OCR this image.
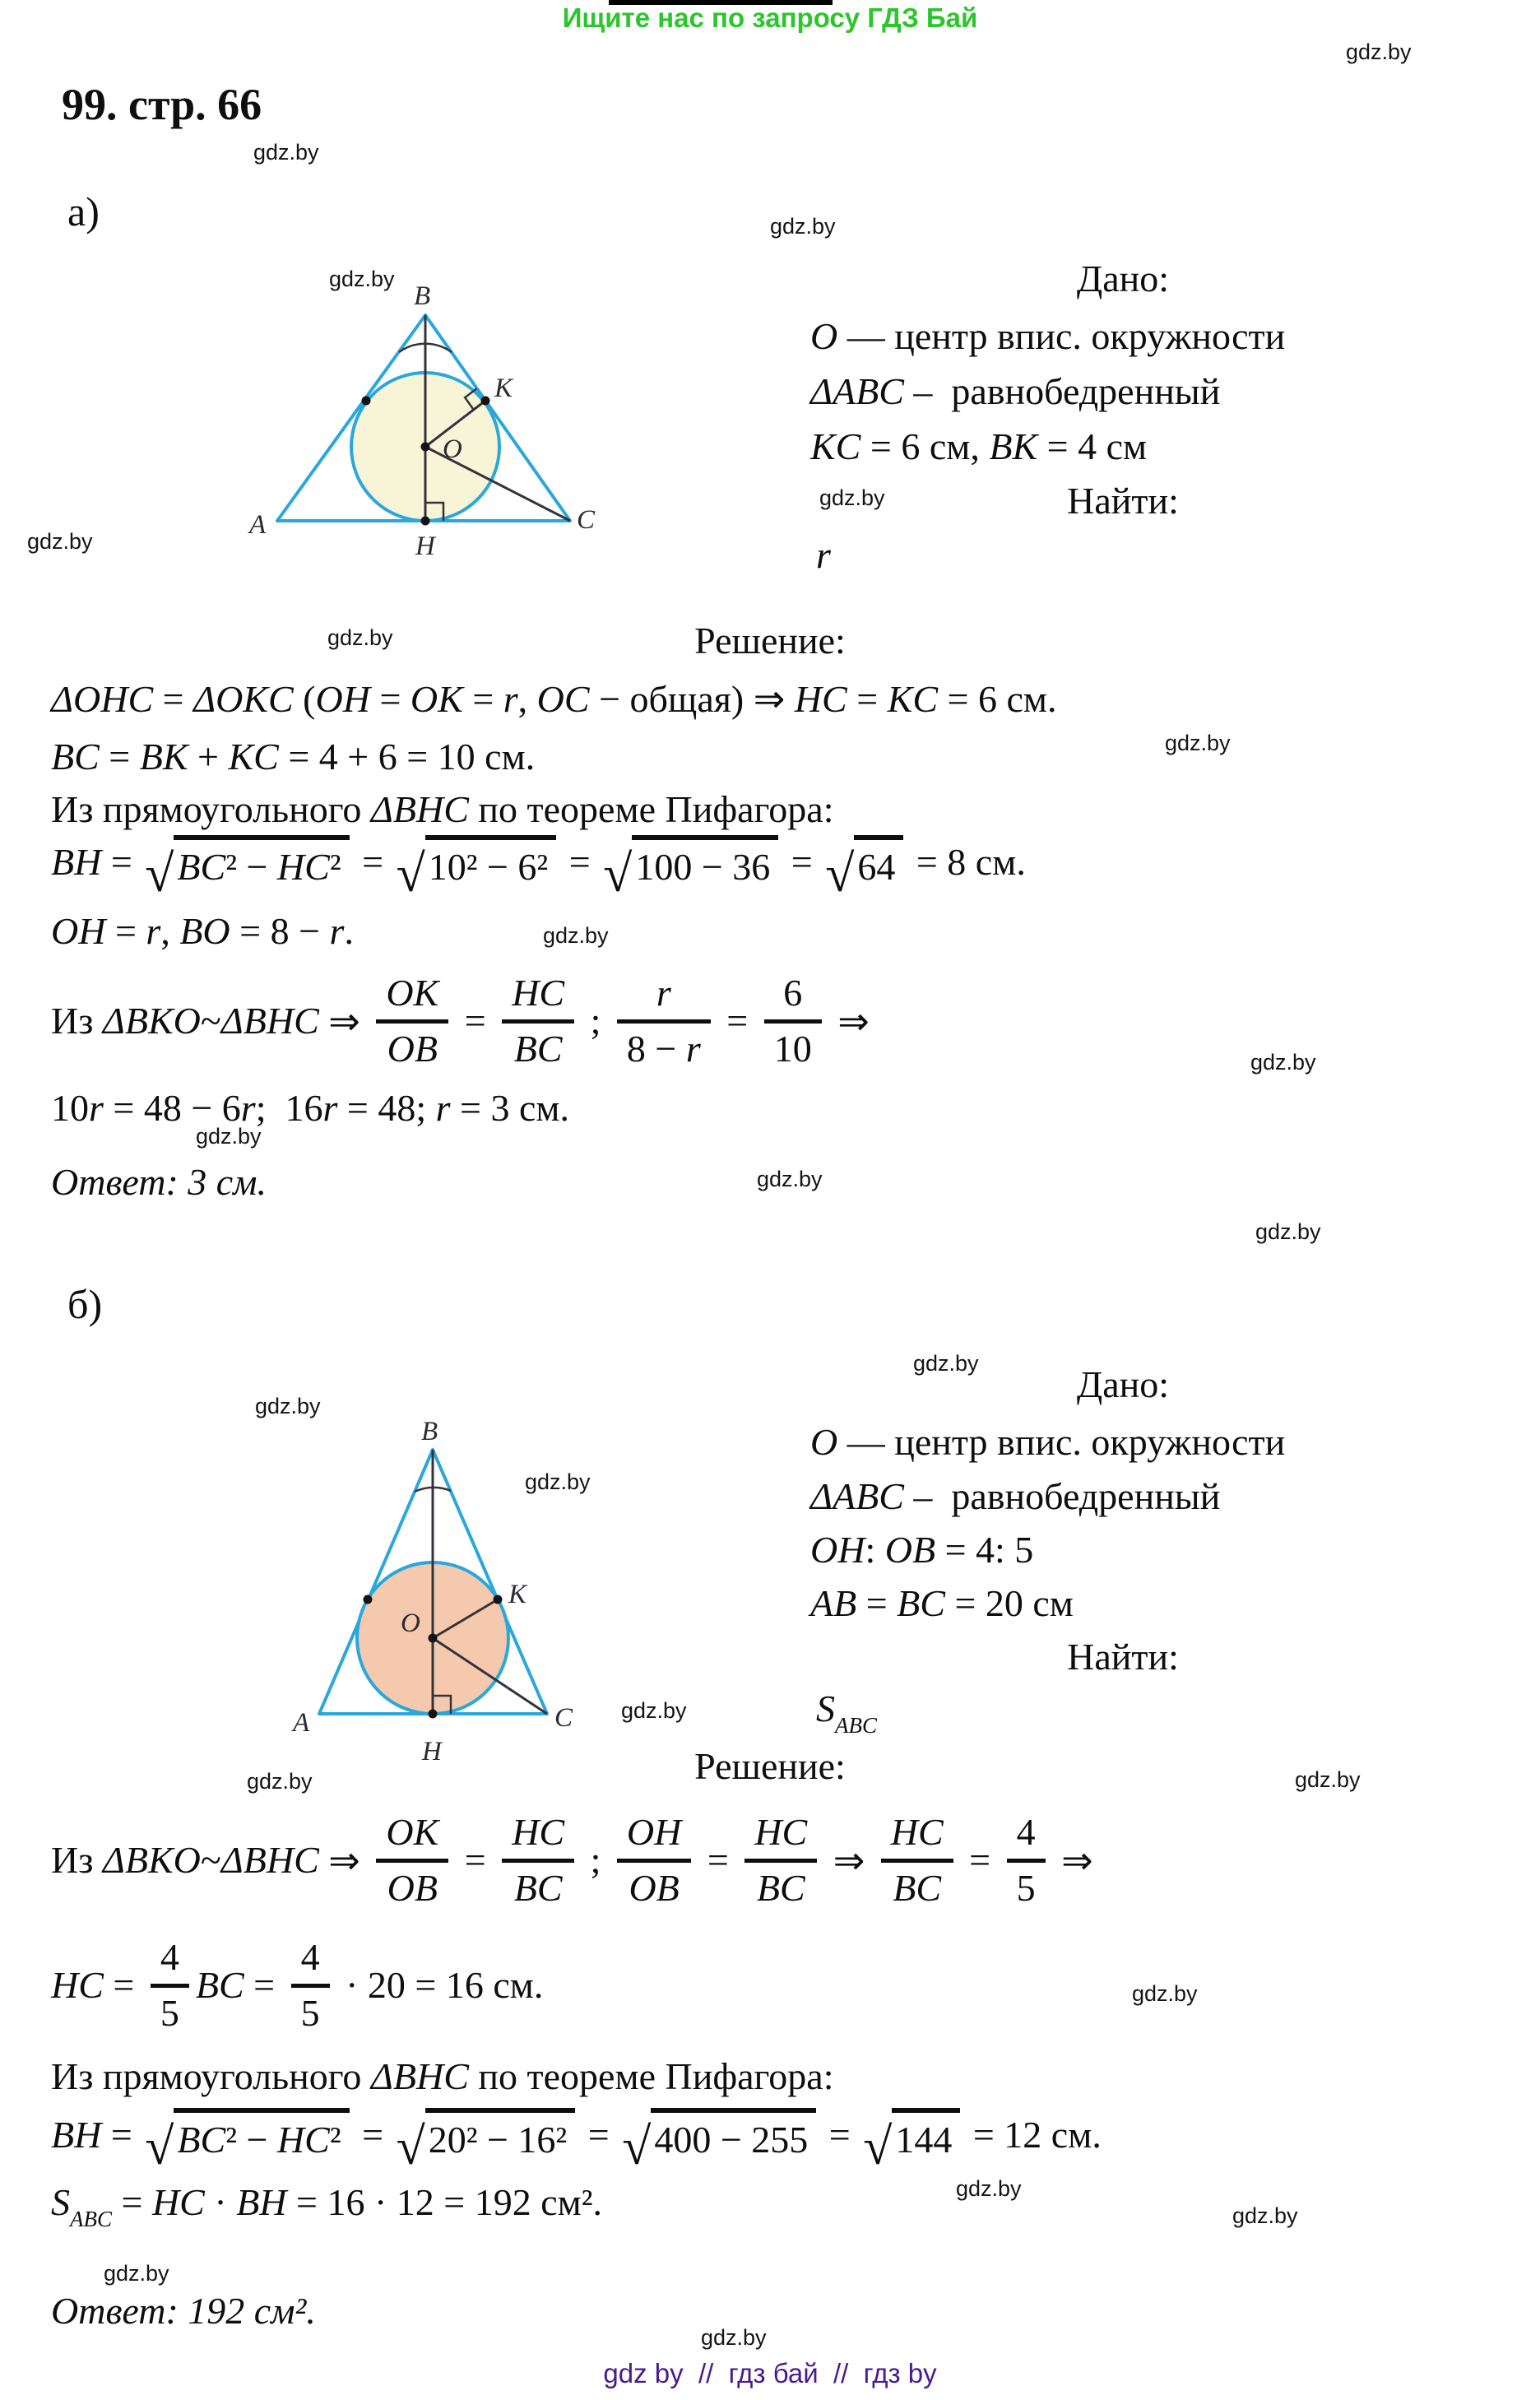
Ищите нас по запросу ГДЗ Бай
99. стр. 66
а)
A
B
C
H
K
O
Дано:
O — центр впис. окружности
ΔABC –  равнобедренный
KC = 6 см, BK = 4 см
Найти:
r
Решение:
ΔOHC = ΔOKC ( OH = OK = r , OC − общая) ⇒ HC = KC = 6 см.
BC = BK + KC = 4 + 6 = 10 см.
Из прямоугольного ΔBHC по теореме Пифагора:
BH = √ BC ² − HC ² = √ 10² − 6² = √ 100 − 36 = √ 64 = 8 см.
OH = r , BO = 8 − r .
Из ΔBKO ~ ΔBHC ⇒ $\frac{OK}{OB} = \frac{HC}{BC}$ ; $\frac{r}{8 - r} = \frac{6}{10}$ ⇒
10 r = 48 − 6 r ;  16 r = 48; r = 3 см.
Ответ: 3 см.
б)
A
B
C
H
K
O
Дано:
O — центр впис. окружности
ΔABC –  равнобедренный
OH : OB = 4: 5
AB = BC = 20 см
Найти:
S ABC
Решение:
Из ΔBKO ~ ΔBHC ⇒ $\frac{OK}{OB} = \frac{HC}{BC}$ ; $\frac{OH}{OB} = \frac{HC}{BC}$ ⇒ $\frac{HC}{BC} = \frac{4}{5}$ ⇒
HC = $\frac{4}{5}$ BC = $\frac{4}{5} \cdot 20 = 16$ см.
Из прямоугольного ΔBHC по теореме Пифагора:
BH = √ BC ² − HC ² = √ 20² − 16² = √ 400 − 255 = √ 144 = 12 см.
S ABC = HC · BH = 16 · 12 = 192 см².
Ответ: 192 см².
gdz by  //  гдз бай  //  гдз by
gdz.by
gdz.by
gdz.by
gdz.by
gdz.by
gdz.by
gdz.by
gdz.by
gdz.by
gdz.by
gdz.by
gdz.by
gdz.by
gdz.by
gdz.by
gdz.by
gdz.by
gdz.by	gdz.by
gdz.by
gdz.by
gdz.by
gdz.by
gdz.by
